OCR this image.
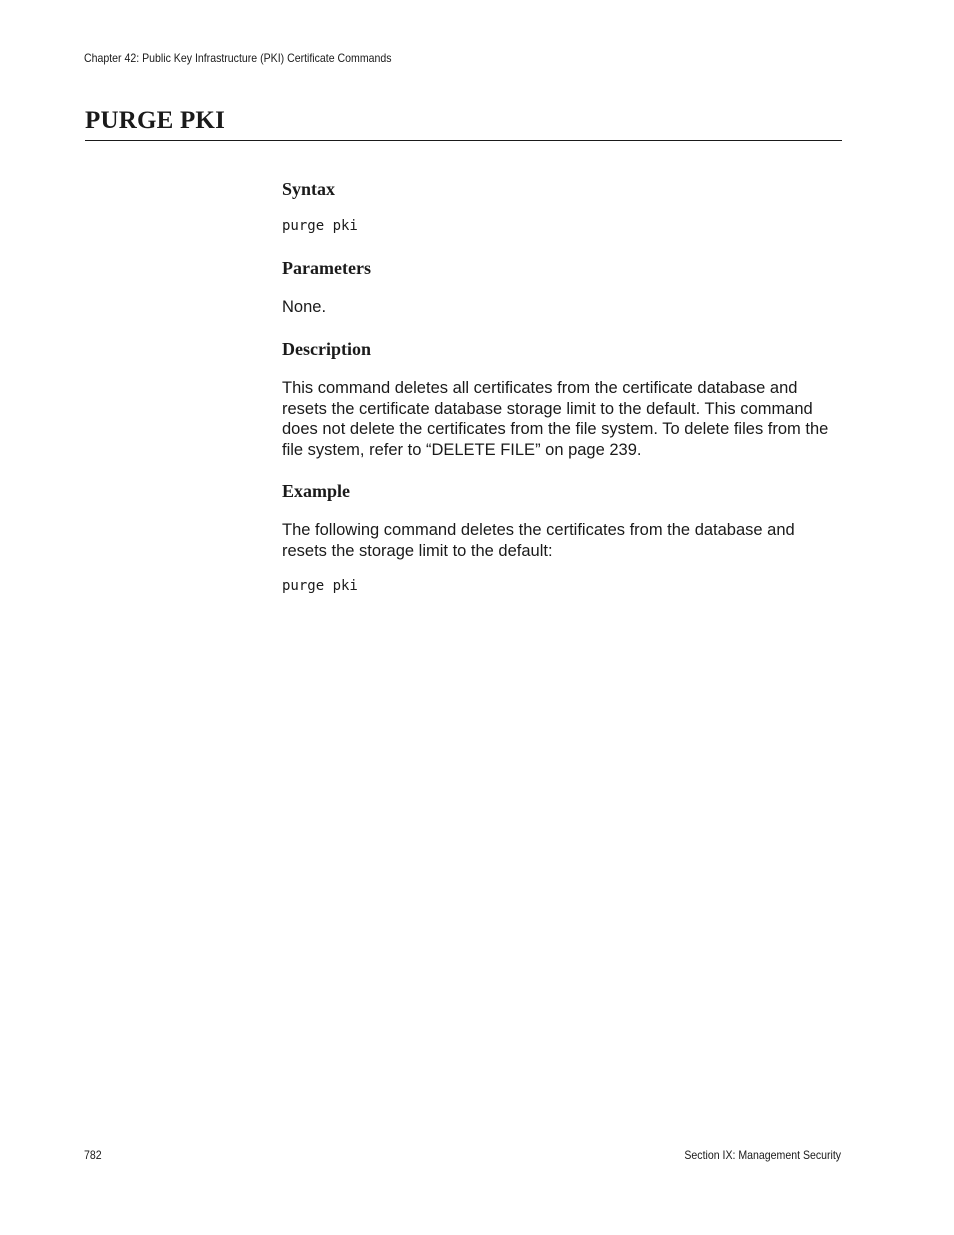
Chapter 42: Public Key Infrastructure (PKI) Certificate Commands
PURGE PKI
Syntax
purge pki
Parameters

None.

Description

This command deletes all certificates from the certificate database and resets the certificate database storage limit to the default. This command does not delete the certificates from the file system. To delete files from the file system, refer to “DELETE FILE” on page 239.

Example

The following command deletes the certificates from the database and resets the storage limit to the default:

purge pki
782	Section IX: Management Security
